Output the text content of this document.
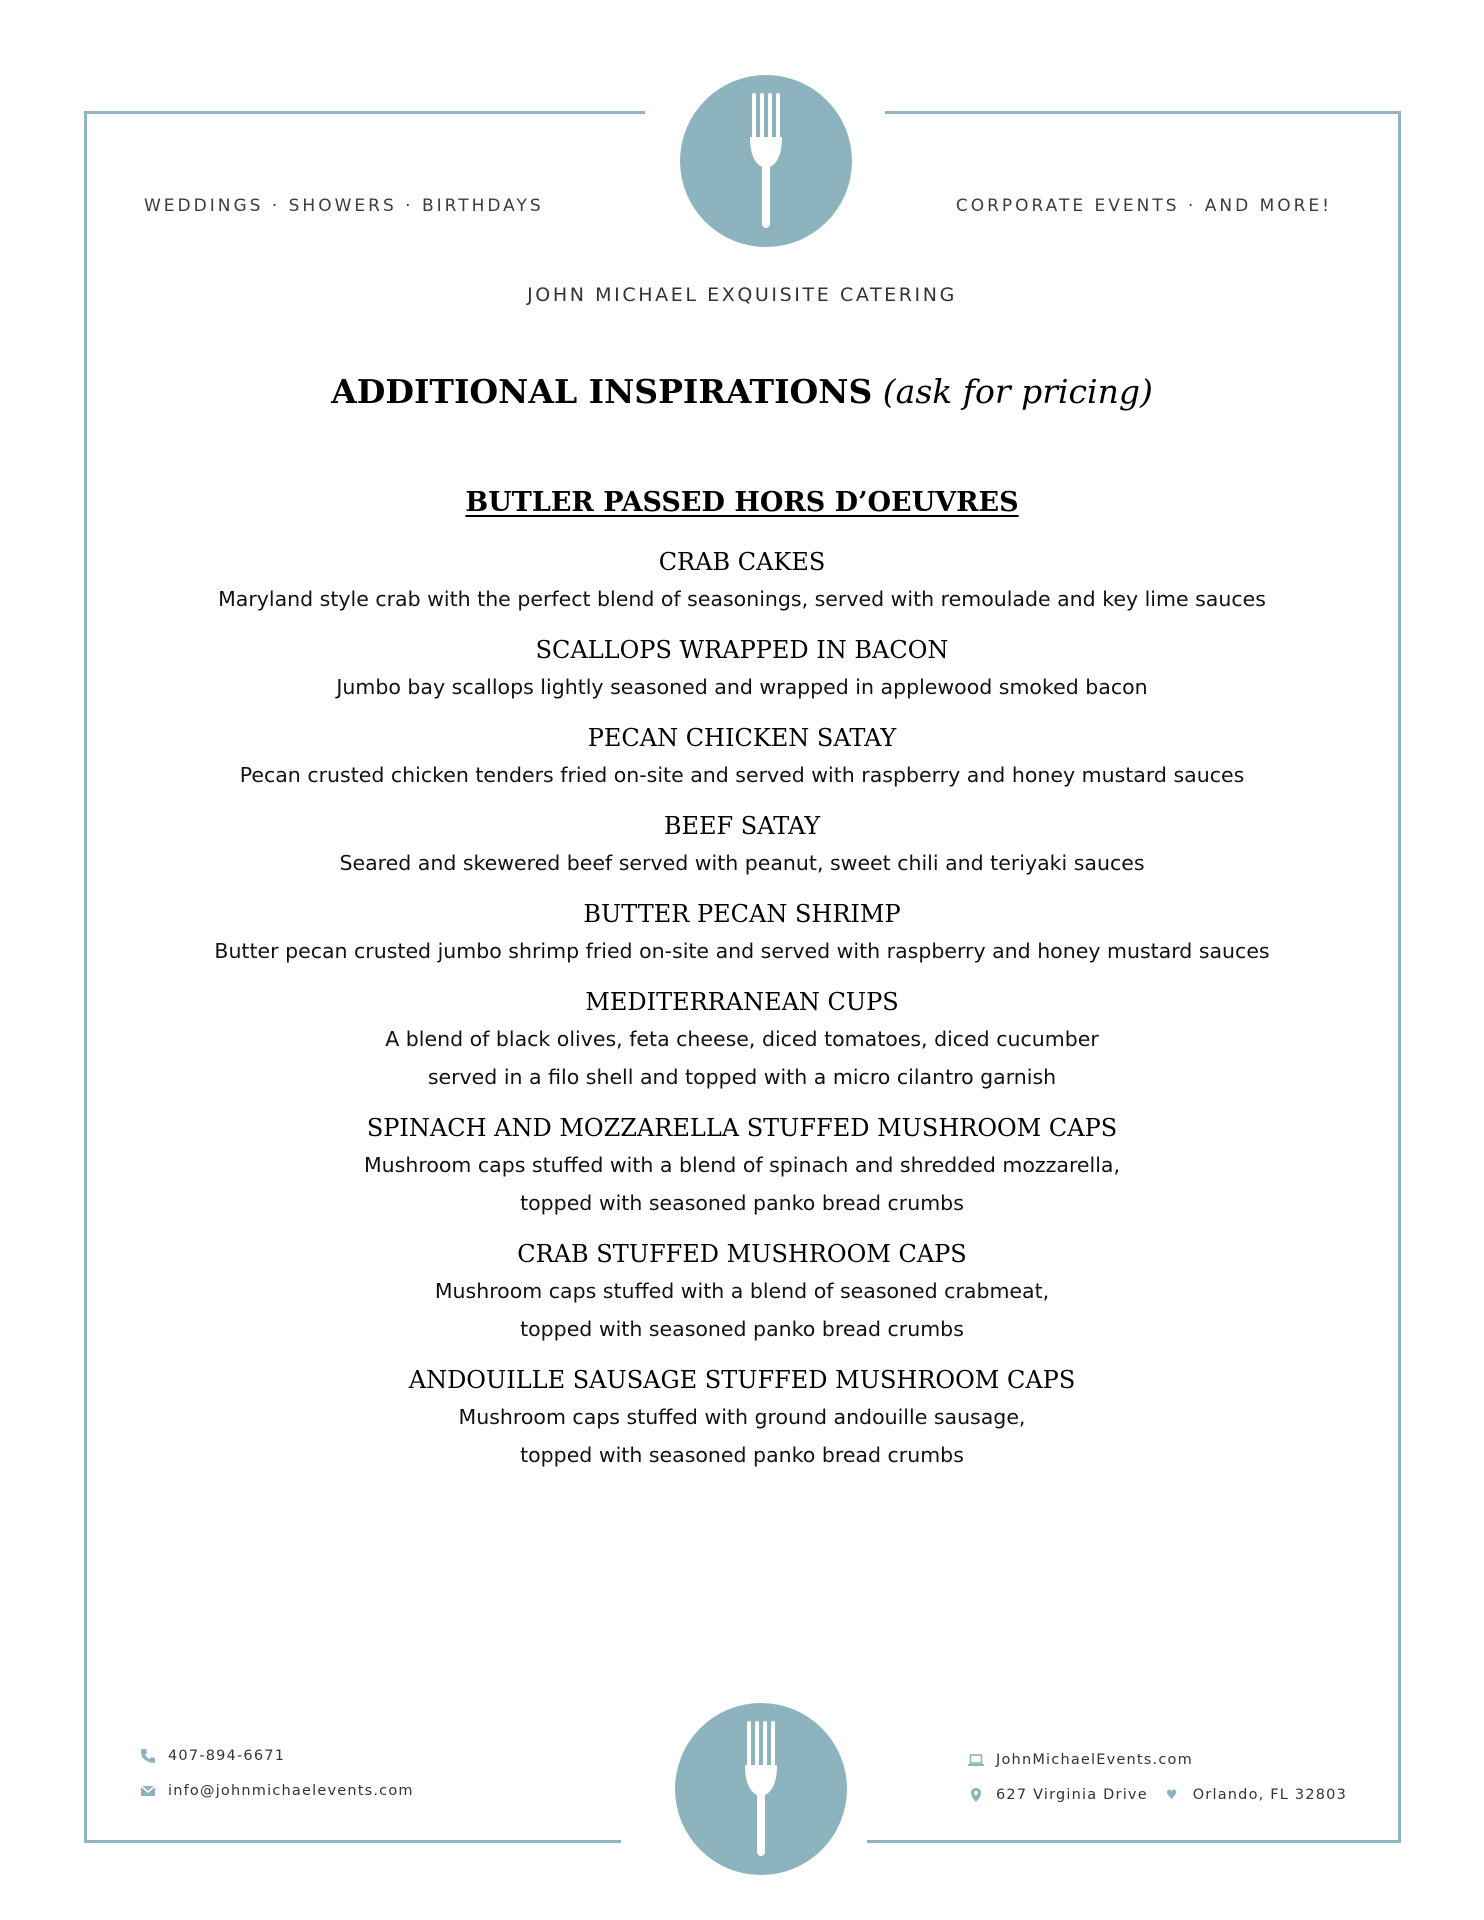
WEDDINGS · SHOWERS · BIRTHDAYS	CORPORATE EVENTS · AND MORE!
JOHN MICHAEL EXQUISITE CATERING
ADDITIONAL INSPIRATIONS (ask for pricing)
BUTLER PASSED HORS D’OEUVRES
CRAB CAKES
Maryland style crab with the perfect blend of seasonings, served with remoulade and key lime sauces
SCALLOPS WRAPPED IN BACON
Jumbo bay scallops lightly seasoned and wrapped in applewood smoked bacon
PECAN CHICKEN SATAY
Pecan crusted chicken tenders fried on-site and served with raspberry and honey mustard sauces
BEEF SATAY
Seared and skewered beef served with peanut, sweet chili and teriyaki sauces
BUTTER PECAN SHRIMP
Butter pecan crusted jumbo shrimp fried on-site and served with raspberry and honey mustard sauces
MEDITERRANEAN CUPS
A blend of black olives, feta cheese, diced tomatoes, diced cucumber
served in a filo shell and topped with a micro cilantro garnish
SPINACH AND MOZZARELLA STUFFED MUSHROOM CAPS
Mushroom caps stuffed with a blend of spinach and shredded mozzarella,
topped with seasoned panko bread crumbs
CRAB STUFFED MUSHROOM CAPS
Mushroom caps stuffed with a blend of seasoned crabmeat,
topped with seasoned panko bread crumbs
ANDOUILLE SAUSAGE STUFFED MUSHROOM CAPS
Mushroom caps stuffed with ground andouille sausage,
topped with seasoned panko bread crumbs
407-894-6671
info@johnmichaelevents.com
JohnMichaelEvents.com
627 Virginia Drive ♥ Orlando, FL 32803
